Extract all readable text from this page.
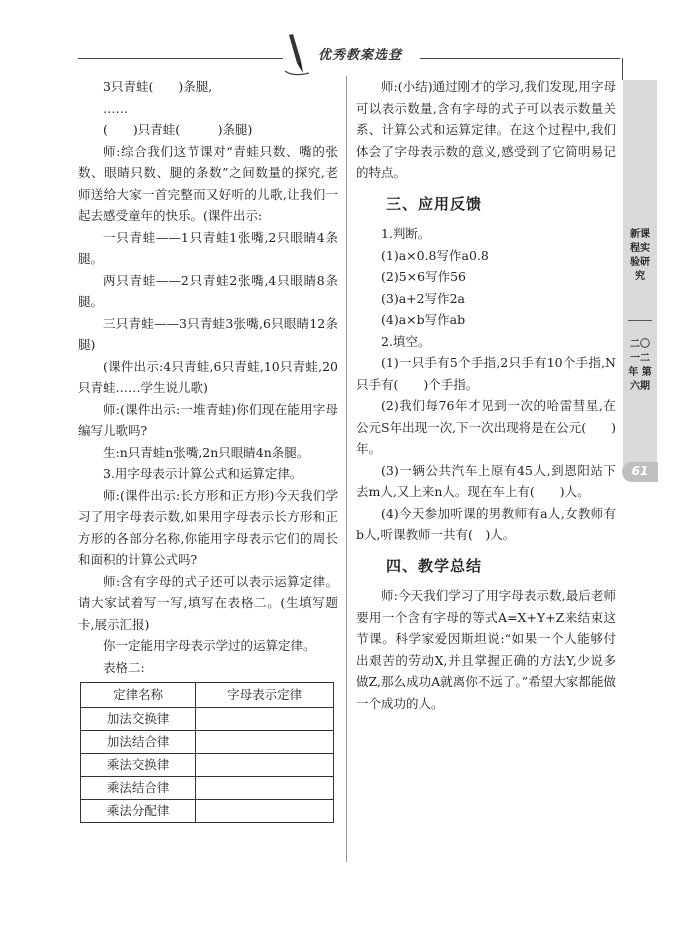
优秀教案选登
新课程实验研究
二〇一二年 第六期
61

3只青蛙(　　)条腿,

……

(　　)只青蛙(　　　)条腿)

师:综合我们这节课对“青蛙只数、嘴的张数、眼睛只数、腿的条数”之间数量的探究,老师送给大家一首完整而又好听的儿歌,让我们一起去感受童年的快乐。(课件出示:

一只青蛙——1只青蛙1张嘴,2只眼睛4条腿。

两只青蛙——2只青蛙2张嘴,4只眼睛8条腿。

三只青蛙——3只青蛙3张嘴,6只眼睛12条腿)

(课件出示:4只青蛙,6只青蛙,10只青蛙,20只青蛙……学生说儿歌)

师:(课件出示:一堆青蛙)你们现在能用字母编写儿歌吗?

生:n只青蛙n张嘴,2n只眼睛4n条腿。

3.用字母表示计算公式和运算定律。

师:(课件出示:长方形和正方形)今天我们学习了用字母表示数,如果用字母表示长方形和正方形的各部分名称,你能用字母表示它们的周长和面积的计算公式吗?

师:含有字母的式子还可以表示运算定律。请大家试着写一写,填写在表格二。(生填写题卡,展示汇报)

你一定能用字母表示学过的运算定律。

表格二:

定律名称	字母表示定律
加法交换律	
加法结合律	
乘法交换律	
乘法结合律	
乘法分配律	

师:(小结)通过刚才的学习,我们发现,用字母可以表示数量,含有字母的式子可以表示数量关系、计算公式和运算定律。在这个过程中,我们体会了字母表示数的意义,感受到了它简明易记的特点。

三、应用反馈

1.判断。

(1)a×0.8写作a0.8

(2)5×6写作56

(3)a+2写作2a

(4)a×b写作ab

2.填空。

(1)一只手有5个手指,2只手有10个手指,N只手有(　　)个手指。

(2)我们每76年才见到一次的哈雷彗星,在公元S年出现一次,下一次出现将是在公元(　　)年。

(3)一辆公共汽车上原有45人,到恩阳站下去m人,又上来n人。现在车上有(　　)人。

(4)今天参加听课的男教师有a人,女教师有b人,听课教师一共有(　)人。

四、教学总结

师:今天我们学习了用字母表示数,最后老师要用一个含有字母的等式A=X+Y+Z来结束这节课。科学家爱因斯坦说:“如果一个人能够付出艰苦的劳动X,并且掌握正确的方法Y,少说多做Z,那么成功A就离你不远了。”希望大家都能做一个成功的人。
